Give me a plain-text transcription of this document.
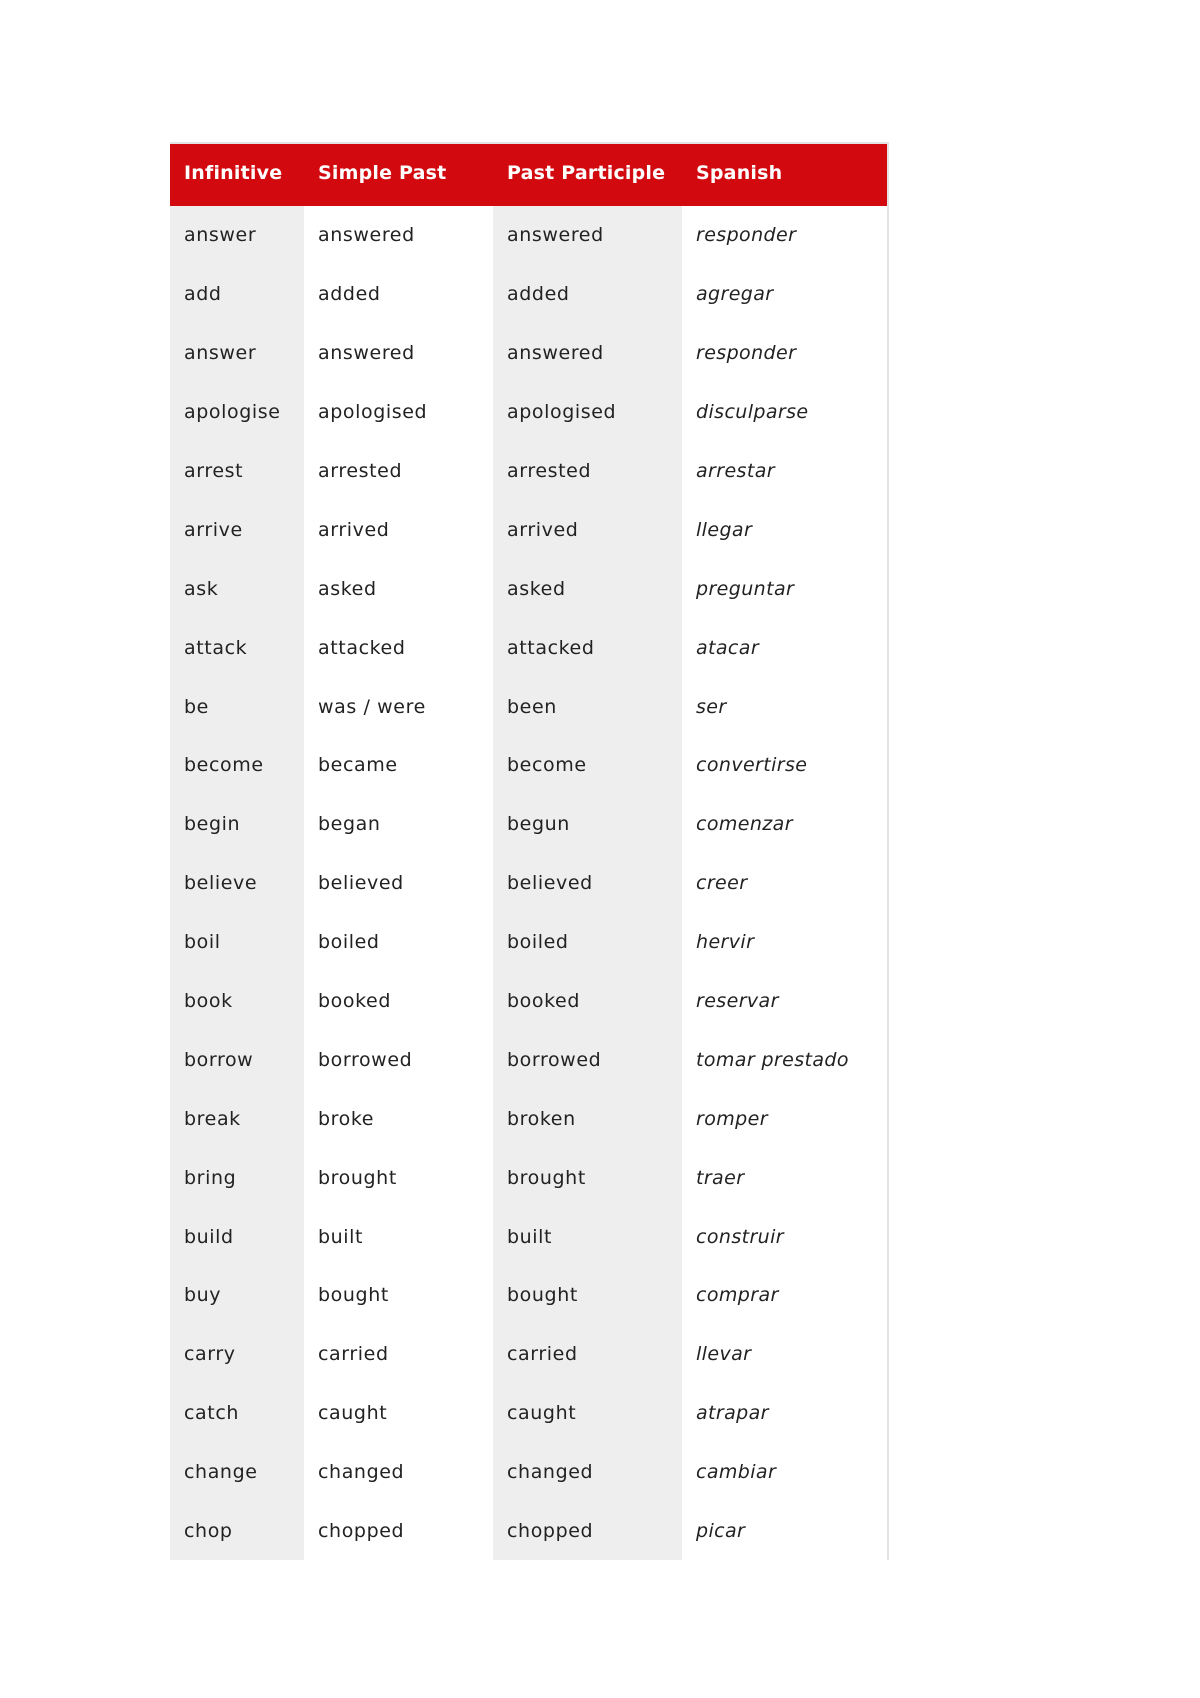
Infinitive	Simple Past	Past Participle	Spanish
answer	answered	answered	responder
add	added	added	agregar
answer	answered	answered	responder
apologise	apologised	apologised	disculparse
arrest	arrested	arrested	arrestar
arrive	arrived	arrived	llegar
ask	asked	asked	preguntar
attack	attacked	attacked	atacar
be	was / were	been	ser
become	became	become	convertirse
begin	began	begun	comenzar
believe	believed	believed	creer
boil	boiled	boiled	hervir
book	booked	booked	reservar
borrow	borrowed	borrowed	tomar prestado
break	broke	broken	romper
bring	brought	brought	traer
build	built	built	construir
buy	bought	bought	comprar
carry	carried	carried	llevar
catch	caught	caught	atrapar
change	changed	changed	cambiar
chop	chopped	chopped	picar
